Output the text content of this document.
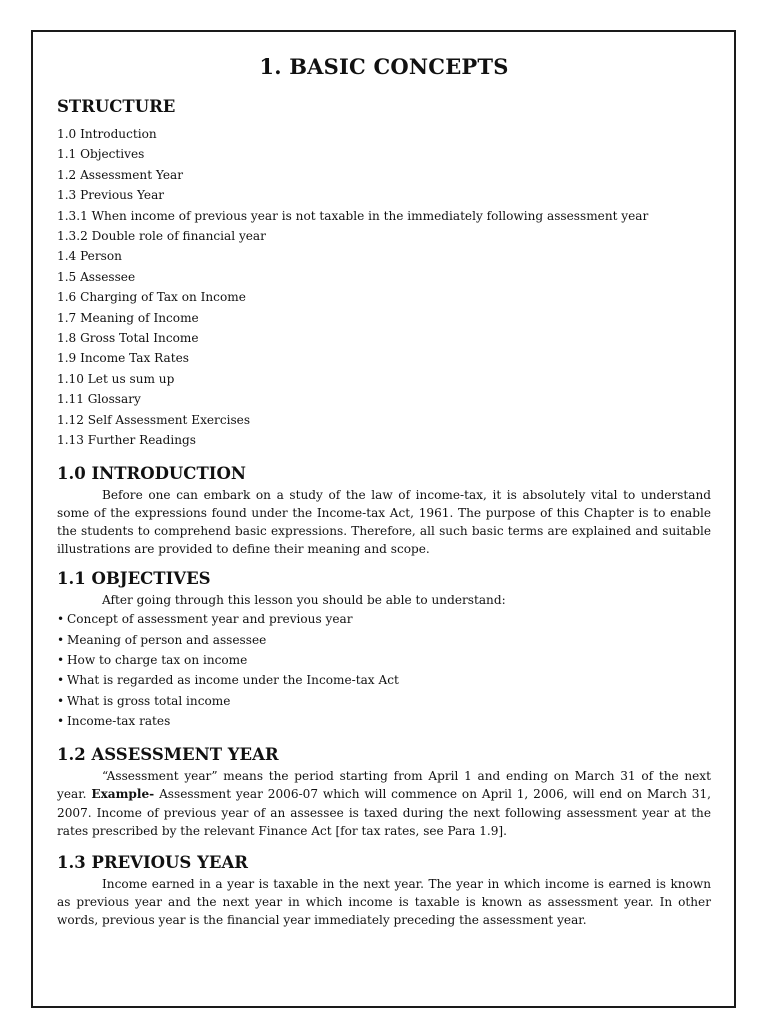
1. BASIC CONCEPTS
STRUCTURE
1.0 Introduction
1.1 Objectives
1.2 Assessment Year
1.3 Previous Year
1.3.1 When income of previous year is not taxable in the immediately following assessment year
1.3.2 Double role of financial year
1.4 Person
1.5 Assessee
1.6 Charging of Tax on Income
1.7 Meaning of Income
1.8 Gross Total Income
1.9 Income Tax Rates
1.10 Let us sum up
1.11 Glossary
1.12 Self Assessment Exercises
1.13 Further Readings
1.0 INTRODUCTION

Before one can embark on a study of the law of income-tax, it is absolutely vital to understand some of the expressions found under the Income-tax Act, 1961. The purpose of this Chapter is to enable the students to comprehend basic expressions. Therefore, all such basic terms are explained and suitable illustrations are provided to define their meaning and scope.

1.1 OBJECTIVES

After going through this lesson you should be able to understand:

• Concept of assessment year and previous year
• Meaning of person and assessee
• How to charge tax on income
• What is regarded as income under the Income-tax Act
• What is gross total income
• Income-tax rates
1.2 ASSESSMENT YEAR

“Assessment year” means the period starting from April 1 and ending on March 31 of the next year. Example- Assessment year 2006-07 which will commence on April 1, 2006, will end on March 31, 2007. Income of previous year of an assessee is taxed during the next following assessment year at the rates prescribed by the relevant Finance Act [for tax rates, see Para 1.9].

1.3 PREVIOUS YEAR

Income earned in a year is taxable in the next year. The year in which income is earned is known as previous year and the next year in which income is taxable is known as assessment year. In other words, previous year is the financial year immediately preceding the assessment year.
